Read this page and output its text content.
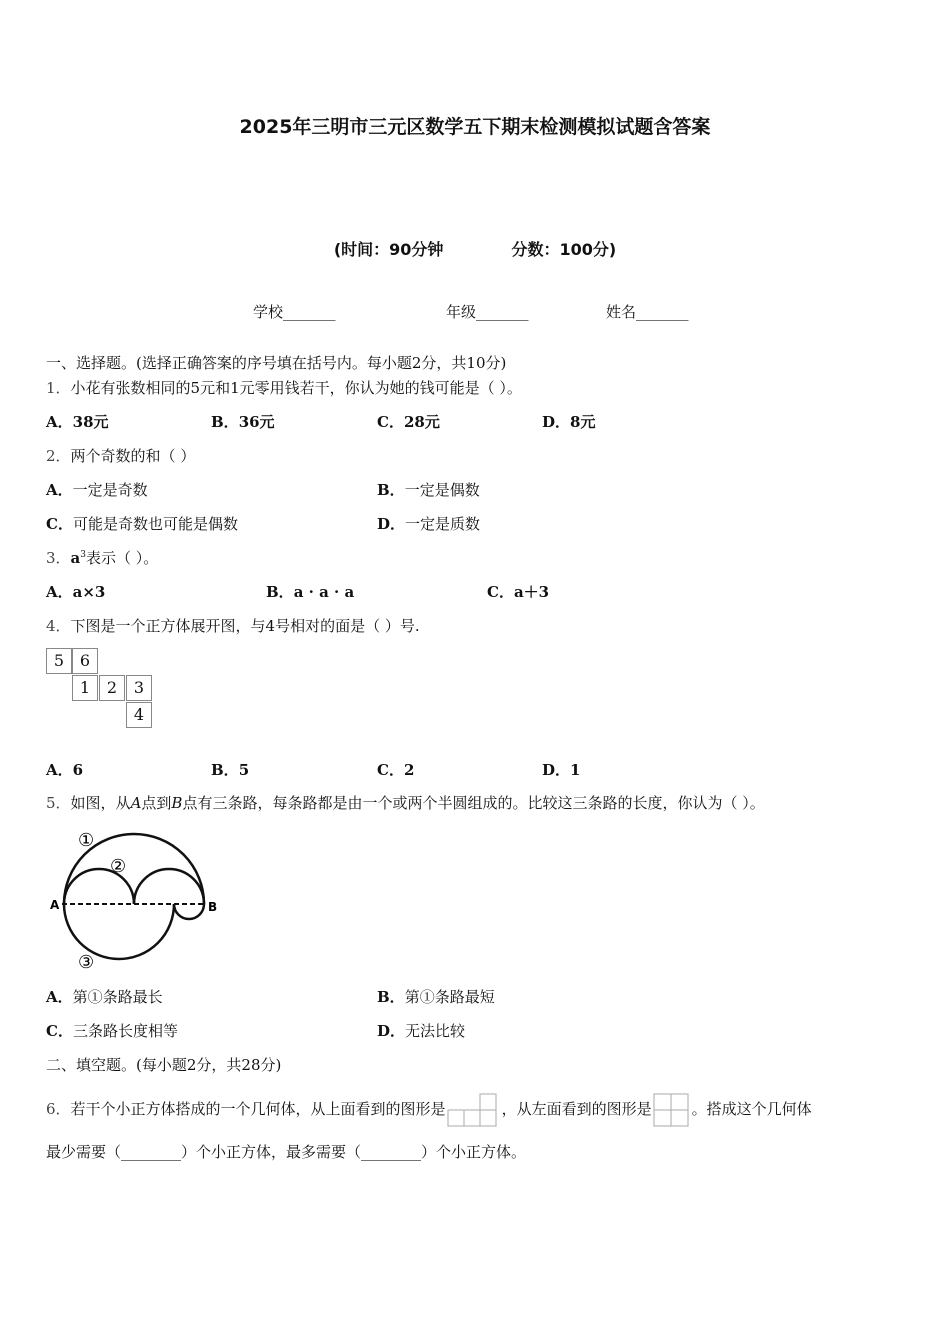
2025年三明市三元区数学五下期末检测模拟试题含答案
(时间：90分钟	分数：100分)
学校_______	年级_______	姓名_______
一、选择题。(选择正确答案的序号填在括号内。每小题2分，共10分)
1．小花有张数相同的5元和1元零用钱若干，你认为她的钱可能是（ ）。
A．38元	B．36元	C．28元	D．8元
2．两个奇数的和（ ）
A．一定是奇数	B．一定是偶数
C．可能是奇数也可能是偶数	D．一定是质数
3．$a^3$表示（ ）。
A．a×3	B．a · a · a	C．a＋3
4．下图是一个正方体展开图，与4号相对的面是（ ）号.
5 6
1	2	3
4
A．6	B．5	C．2	D．1
5．如图，从A点到B点有三条路，每条路都是由一个或两个半圆组成的。比较这三条路的长度，你认为（ ）。
A	B
①
②
③
A．第①条路最长	B．第①条路最短
C．三条路长度相等	D．无法比较
二、填空题。(每小题2分，共28分)
6．若干个小正方体搭成的一个几何体，从上面看到的图形是	，从左面看到的图形是	。搭成这个几何体
最少需要（________）个小正方体，最多需要（________）个小正方体。
